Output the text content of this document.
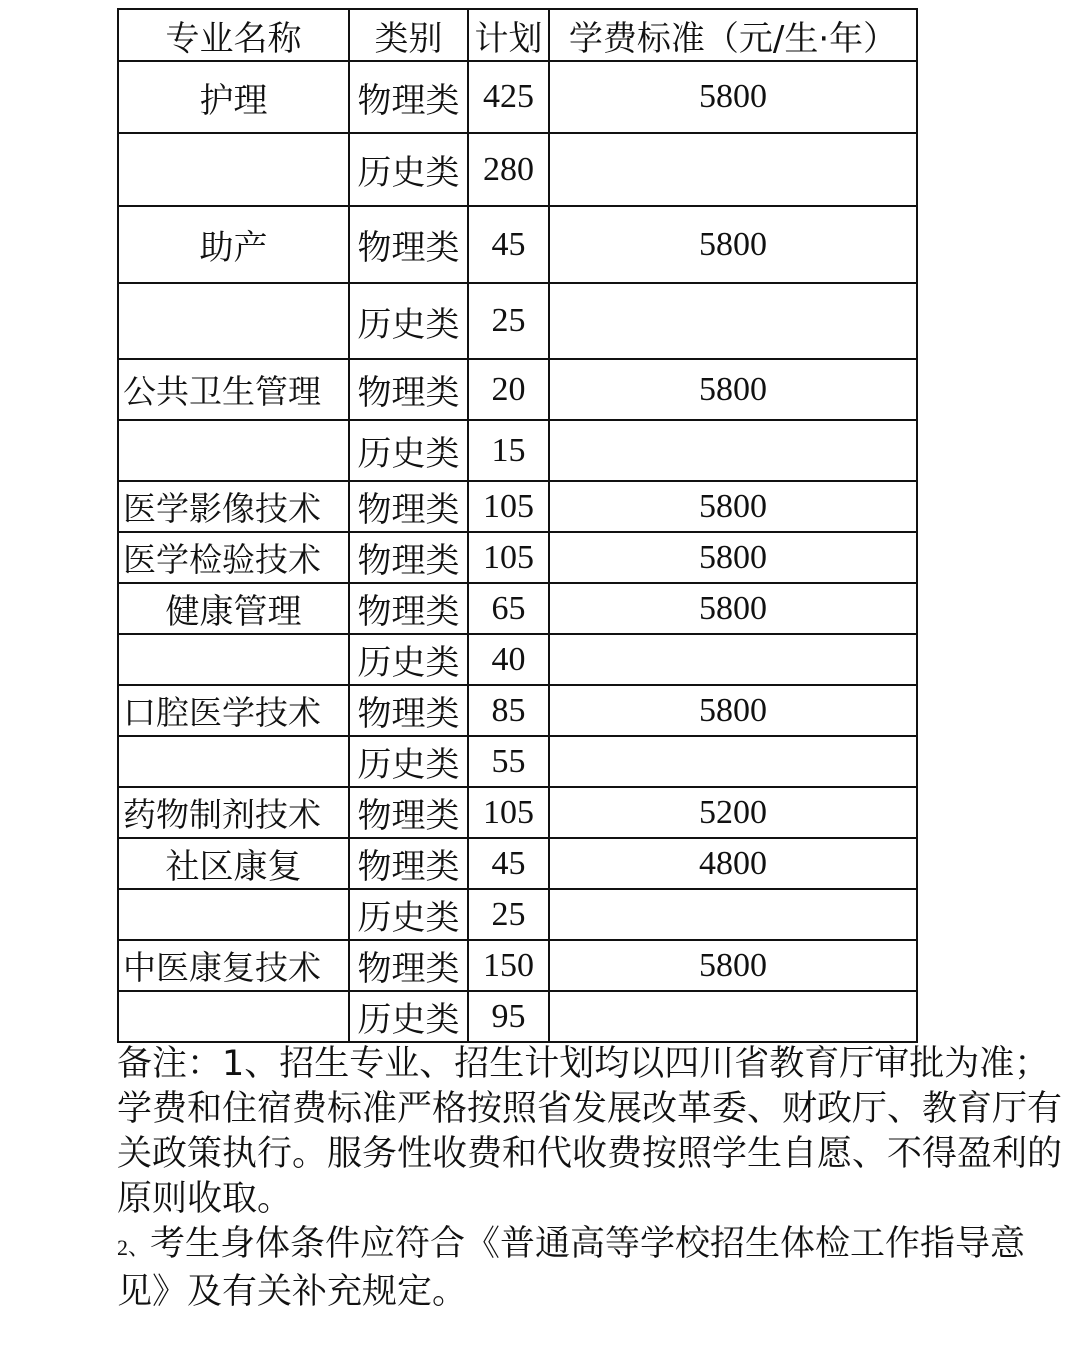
专业名称	类别	计划	学费标准（元/生·年）
护理	物理类	425	5800
	历史类	280	
助产	物理类	45	5800
	历史类	25	
公共卫生管理	物理类	20	5800
	历史类	15	
医学影像技术	物理类	105	5800
医学检验技术	物理类	105	5800
健康管理	物理类	65	5800
	历史类	40	
口腔医学技术	物理类	85	5800
	历史类	55	
药物制剂技术	物理类	105	5200
社区康复	物理类	45	4800
	历史类	25	
中医康复技术	物理类	150	5800
	历史类	95	

备注：1、招生专业、招生计划均以四川省教育厅审批为准；学费和住宿费标准严格按照省发展改革委、财政厅、教育厅有关政策执行。服务性收费和代收费按照学生自愿、不得盈利的原则收取。

2、考生身体条件应符合《普通高等学校招生体检工作指导意见》及有关补充规定。
